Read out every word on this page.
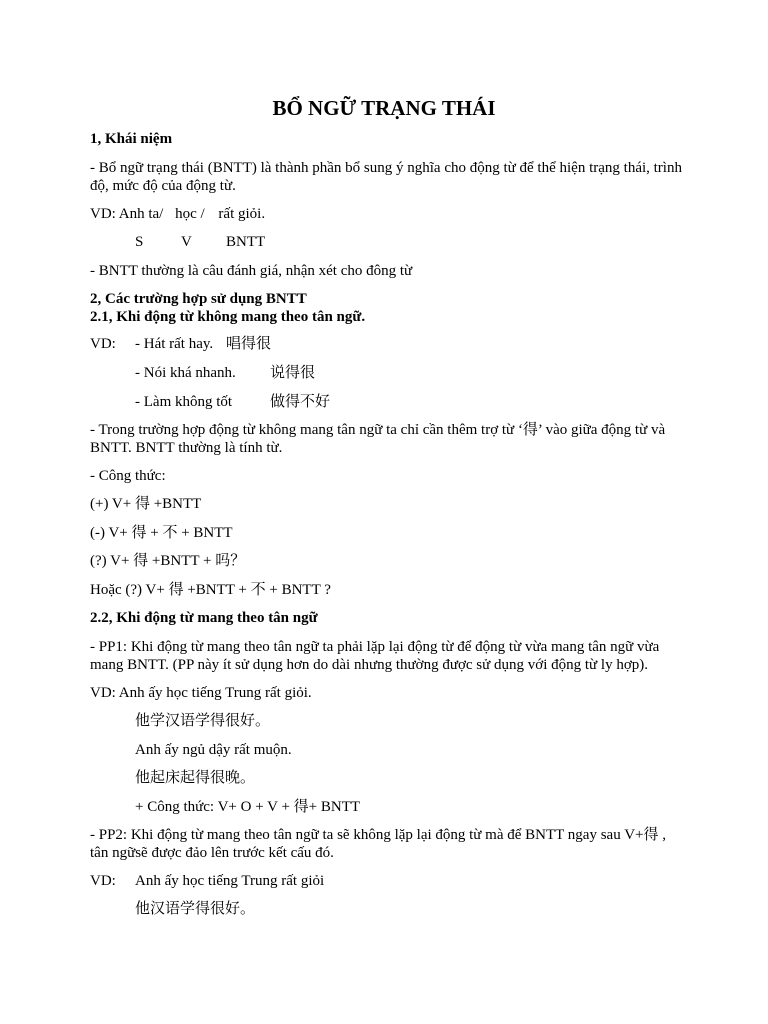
BỔ NGỮ TRẠNG THÁI

1, Khái niệm

- Bổ ngữ trạng thái (BNTT) là thành phần bổ sung ý nghĩa cho động từ để thể hiện trạng thái, trình độ, mức độ của động từ.

VD: Anh ta/ học / rất giỏi.

S	V BNTT

- BNTT thường là câu đánh giá, nhận xét cho đông từ

2, Các trường hợp sử dụng BNTT

2.1, Khi động từ không mang theo tân ngữ.

VD: - Hát rất hay. 唱得很

- Nói khá nhanh. 说得很

- Làm không tốt	做得不好

- Trong trường hợp động từ không mang tân ngữ ta chỉ cần thêm trợ từ ‘得’ vào giữa động từ và BNTT. BNTT thường là tính từ.

- Công thức:

(+) V+ 得 +BNTT

(-) V+ 得 + 不 + BNTT

(?) V+ 得 +BNTT + 吗？

Hoặc (?) V+ 得 +BNTT + 不 + BNTT ?

2.2, Khi động từ mang theo tân ngữ

- PP1: Khi động từ mang theo tân ngữ ta phải lặp lại động từ để động từ vừa mang tân ngữ vừa mang BNTT. (PP này ít sử dụng hơn do dài nhưng thường được sử dụng với động từ ly hợp).

VD: Anh ấy học tiếng Trung rất giỏi.

他学汉语学得很好。

Anh ấy ngủ dậy rất muộn.

他起床起得很晚。

+ Công thức: V+ O + V + 得+ BNTT

- PP2: Khi động từ mang theo tân ngữ ta sẽ không lặp lại động từ mà để BNTT ngay sau V+得 , tân ngữsẽ được đảo lên trước kết cấu đó.

VD: Anh ấy học tiếng Trung rất giỏi

他汉语学得很好。
